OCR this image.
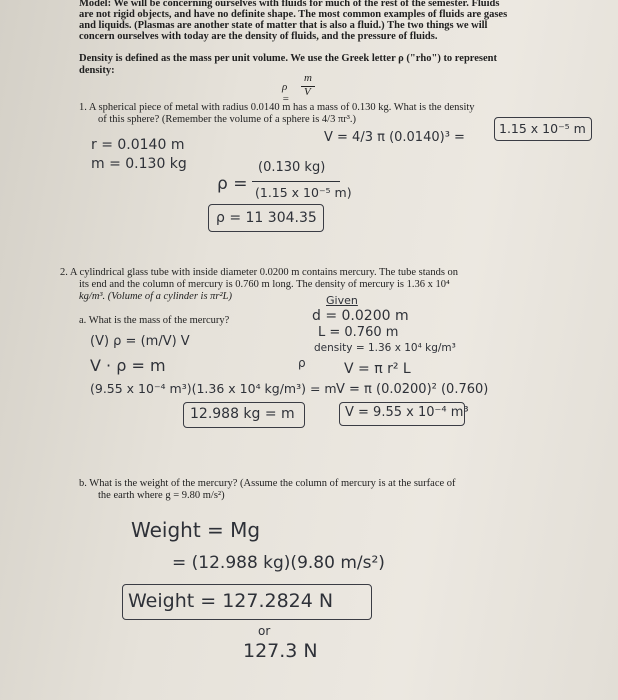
Model: We will be concerning ourselves with fluids for much of the rest of the semester. Fluids
are not rigid objects, and have no definite shape. The most common examples of fluids are gases
and liquids. (Plasmas are another state of matter that is also a fluid.) The two things we will
concern ourselves with today are the density of fluids, and the pressure of fluids.
Density is defined as the mass per unit volume. We use the Greek letter ρ ("rho") to represent
density:
ρ =
m
V
1. A spherical piece of metal with radius 0.0140 m has a mass of 0.130 kg. What is the density
of this sphere? (Remember the volume of a sphere is 4/3 πr³.)
r = 0.0140 m
m = 0.130 kg
V = 4/3 π (0.0140)³ =
1.15 x 10⁻⁵ m
ρ =
(0.130 kg)
(1.15 x 10⁻⁵ m)
ρ = 11 304.35
2. A cylindrical glass tube with inside diameter 0.0200 m contains mercury. The tube stands on
its end and the column of mercury is 0.760 m long. The density of mercury is 1.36 x 10⁴
kg/m³. (Volume of a cylinder is πr²L)
a. What is the mass of the mercury?
Given
d = 0.0200 m
L = 0.760 m
density = 1.36 x 10⁴ kg/m³
ρ
(V) ρ = (m/V) V
V · ρ = m	V = π r² L
(9.55 x 10⁻⁴ m³)(1.36 x 10⁴ kg/m³) = m V = π (0.0200)² (0.760)
12.988 kg = m	V = 9.55 x 10⁻⁴ m³
b. What is the weight of the mercury? (Assume the column of mercury is at the surface of
the earth where g = 9.80 m/s²)
Weight = Mg
= (12.988 kg)(9.80 m/s²)
Weight = 127.2824 N
or
127.3 N
